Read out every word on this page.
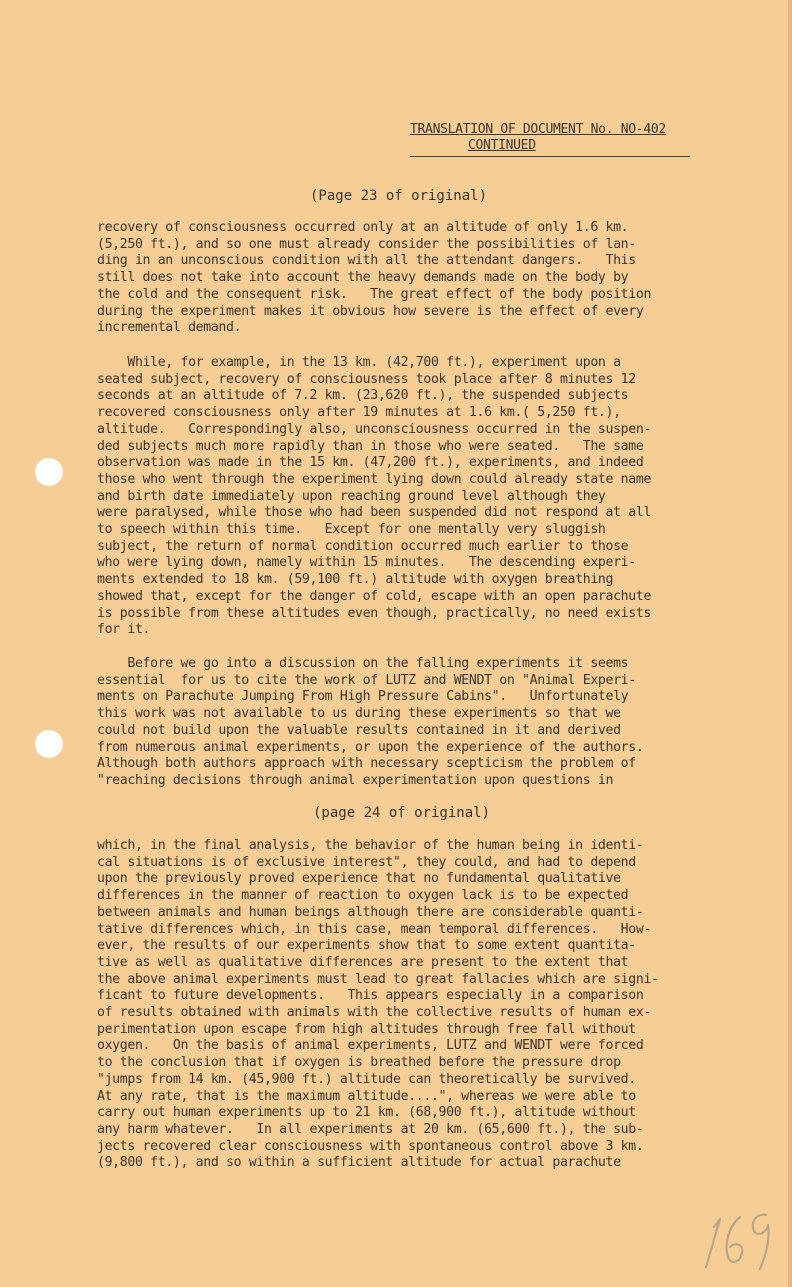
TRANSLATION OF DOCUMENT No. NO-402
CONTINUED
(Page 23 of original)
recovery of consciousness occurred only at an altitude of only 1.6 km.
(5,250 ft.), and so one must already consider the possibilities of lan-
ding in an unconscious condition with all the attendant dangers.   This
still does not take into account the heavy demands made on the body by
the cold and the consequent risk.   The great effect of the body position
during the experiment makes it obvious how severe is the effect of every
incremental demand.
While, for example, in the 13 km. (42,700 ft.), experiment upon a
seated subject, recovery of consciousness took place after 8 minutes 12
seconds at an altitude of 7.2 km. (23,620 ft.), the suspended subjects
recovered consciousness only after 19 minutes at 1.6 km.( 5,250 ft.),
altitude.   Correspondingly also, unconsciousness occurred in the suspen-
ded subjects much more rapidly than in those who were seated.   The same
observation was made in the 15 km. (47,200 ft.), experiments, and indeed
those who went through the experiment lying down could already state name
and birth date immediately upon reaching ground level although they
were paralysed, while those who had been suspended did not respond at all
to speech within this time.   Except for one mentally very sluggish
subject, the return of normal condition occurred much earlier to those
who were lying down, namely within 15 minutes.   The descending experi-
ments extended to 18 km. (59,100 ft.) altitude with oxygen breathing
showed that, except for the danger of cold, escape with an open parachute
is possible from these altitudes even though, practically, no need exists
for it.
Before we go into a discussion on the falling experiments it seems
essential  for us to cite the work of LUTZ and WENDT on "Animal Experi-
ments on Parachute Jumping From High Pressure Cabins".   Unfortunately
this work was not available to us during these experiments so that we
could not build upon the valuable results contained in it and derived
from numerous animal experiments, or upon the experience of the authors.
Although both authors approach with necessary scepticism the problem of
"reaching decisions through animal experimentation upon questions in
(page 24 of original)
which, in the final analysis, the behavior of the human being in identi-
cal situations is of exclusive interest", they could, and had to depend
upon the previously proved experience that no fundamental qualitative
differences in the manner of reaction to oxygen lack is to be expected
between animals and human beings although there are considerable quanti-
tative differences which, in this case, mean temporal differences.   How-
ever, the results of our experiments show that to some extent quantita-
tive as well as qualitative differences are present to the extent that
the above animal experiments must lead to great fallacies which are signi-
ficant to future developments.   This appears especially in a comparison
of results obtained with animals with the collective results of human ex-
perimentation upon escape from high altitudes through free fall without
oxygen.   On the basis of animal experiments, LUTZ and WENDT were forced
to the conclusion that if oxygen is breathed before the pressure drop
"jumps from 14 km. (45,900 ft.) altitude can theoretically be survived.
At any rate, that is the maximum altitude....", whereas we were able to
carry out human experiments up to 21 km. (68,900 ft.), altitude without
any harm whatever.   In all experiments at 20 km. (65,600 ft.), the sub-
jects recovered clear consciousness with spontaneous control above 3 km.
(9,800 ft.), and so within a sufficient altitude for actual parachute
